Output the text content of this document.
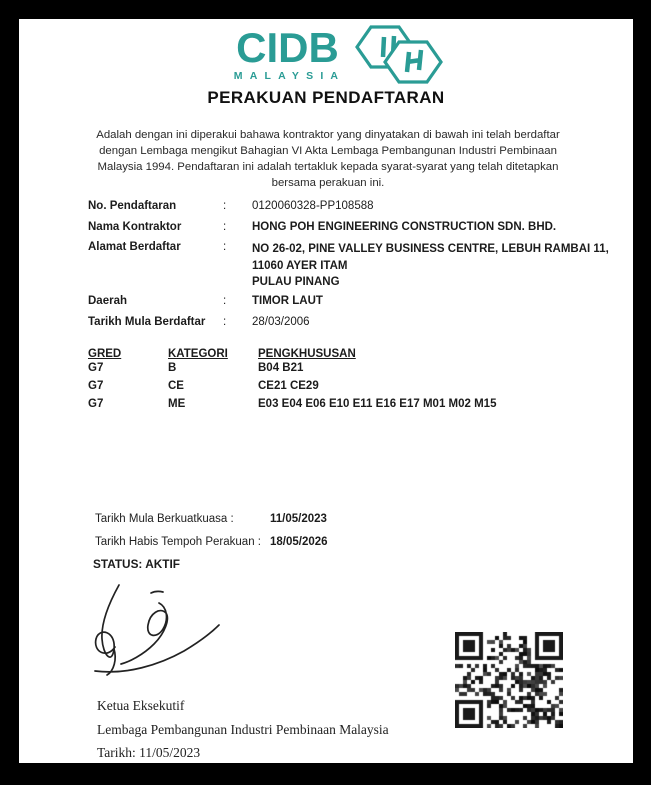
CIDB
MALAYSIA
PERAKUAN PENDAFTARAN
Adalah dengan ini diperakui bahawa kontraktor yang dinyatakan di bawah ini telah berdaftar dengan Lembaga mengikut Bahagian VI Akta Lembaga Pembangunan Industri Pembinaan Malaysia 1994. Pendaftaran ini adalah tertakluk kepada syarat-syarat yang telah ditetapkan bersama perakuan ini.
No. Pendaftaran	: 0120060328-PP108588
Nama Kontraktor	: HONG POH ENGINEERING CONSTRUCTION SDN. BHD.
Alamat Berdaftar	: NO 26-02, PINE VALLEY BUSINESS CENTRE, LEBUH RAMBAI 11,
11060 AYER ITAM
PULAU PINANG
Daerah	: TIMOR LAUT
Tarikh Mula Berdaftar : 28/03/2006
GRED	KATEGORI	PENGKHUSUSAN
G7	B	B04 B21
G7	CE	CE21 CE29
G7	ME	E03 E04 E06 E10 E11 E16 E17 M01 M02 M15
Tarikh Mula Berkuatkuasa :	11/05/2023
Tarikh Habis Tempoh Perakuan : 18/05/2026
STATUS: AKTIF
Ketua Eksekutif
Lembaga Pembangunan Industri Pembinaan Malaysia
Tarikh: 11/05/2023
